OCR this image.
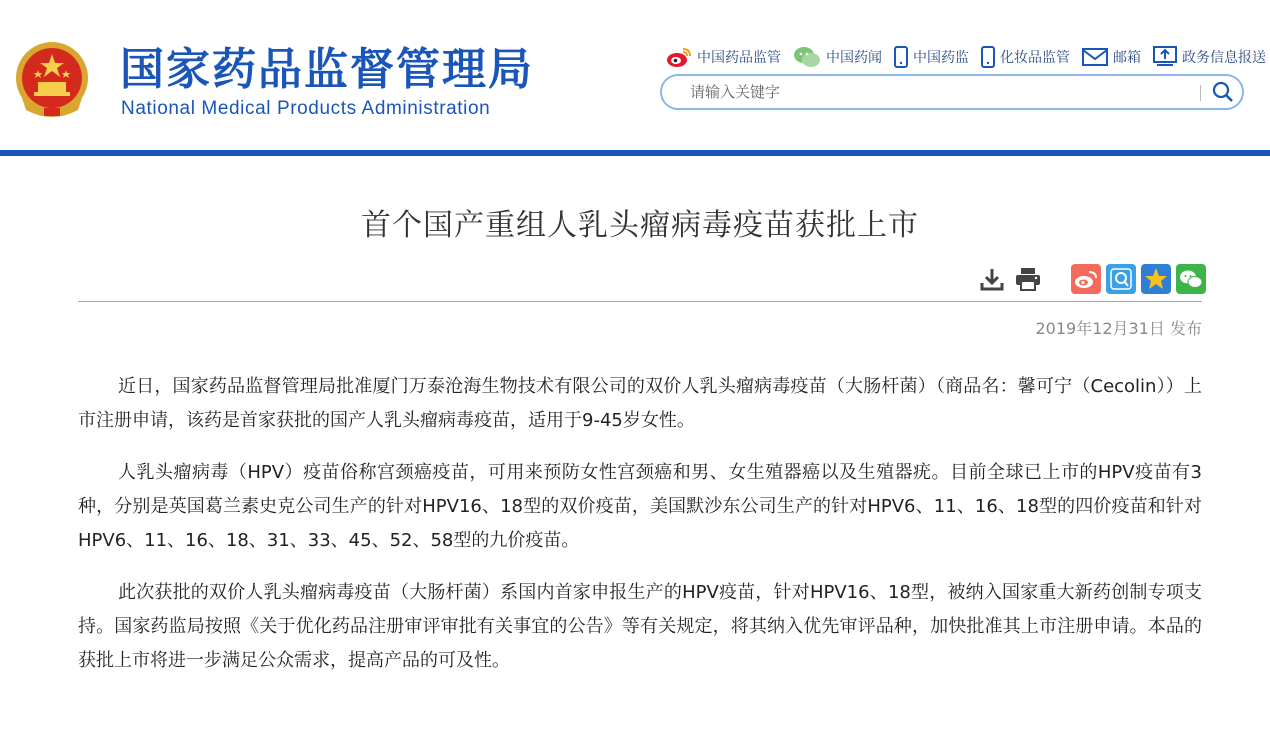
国家药品监督管理局
National Medical Products Administration
中国药品监管	中国药闻 中国药监 化妆品监管	邮箱	政务信息报送
请输入关键字
首个国产重组人乳头瘤病毒疫苗获批上市
2019年12月31日 发布

近日，国家药品监督管理局批准厦门万泰沧海生物技术有限公司的双价人乳头瘤病毒疫苗（大肠杆菌）（商品名：馨可宁（Cecolin））上市注册申请，该药是首家获批的国产人乳头瘤病毒疫苗，适用于9-45岁女性。

人乳头瘤病毒（HPV）疫苗俗称宫颈癌疫苗，可用来预防女性宫颈癌和男、女生殖器癌以及生殖器疣。目前全球已上市的HPV疫苗有3种，分别是英国葛兰素史克公司生产的针对HPV16、18型的双价疫苗，美国默沙东公司生产的针对HPV6、11、16、18型的四价疫苗和针对HPV6、11、16、18、31、33、45、52、58型的九价疫苗。

此次获批的双价人乳头瘤病毒疫苗（大肠杆菌）系国内首家申报生产的HPV疫苗，针对HPV16、18型，被纳入国家重大新药创制专项支持。国家药监局按照《关于优化药品注册审评审批有关事宜的公告》等有关规定，将其纳入优先审评品种，加快批准其上市注册申请。本品的获批上市将进一步满足公众需求，提高产品的可及性。
